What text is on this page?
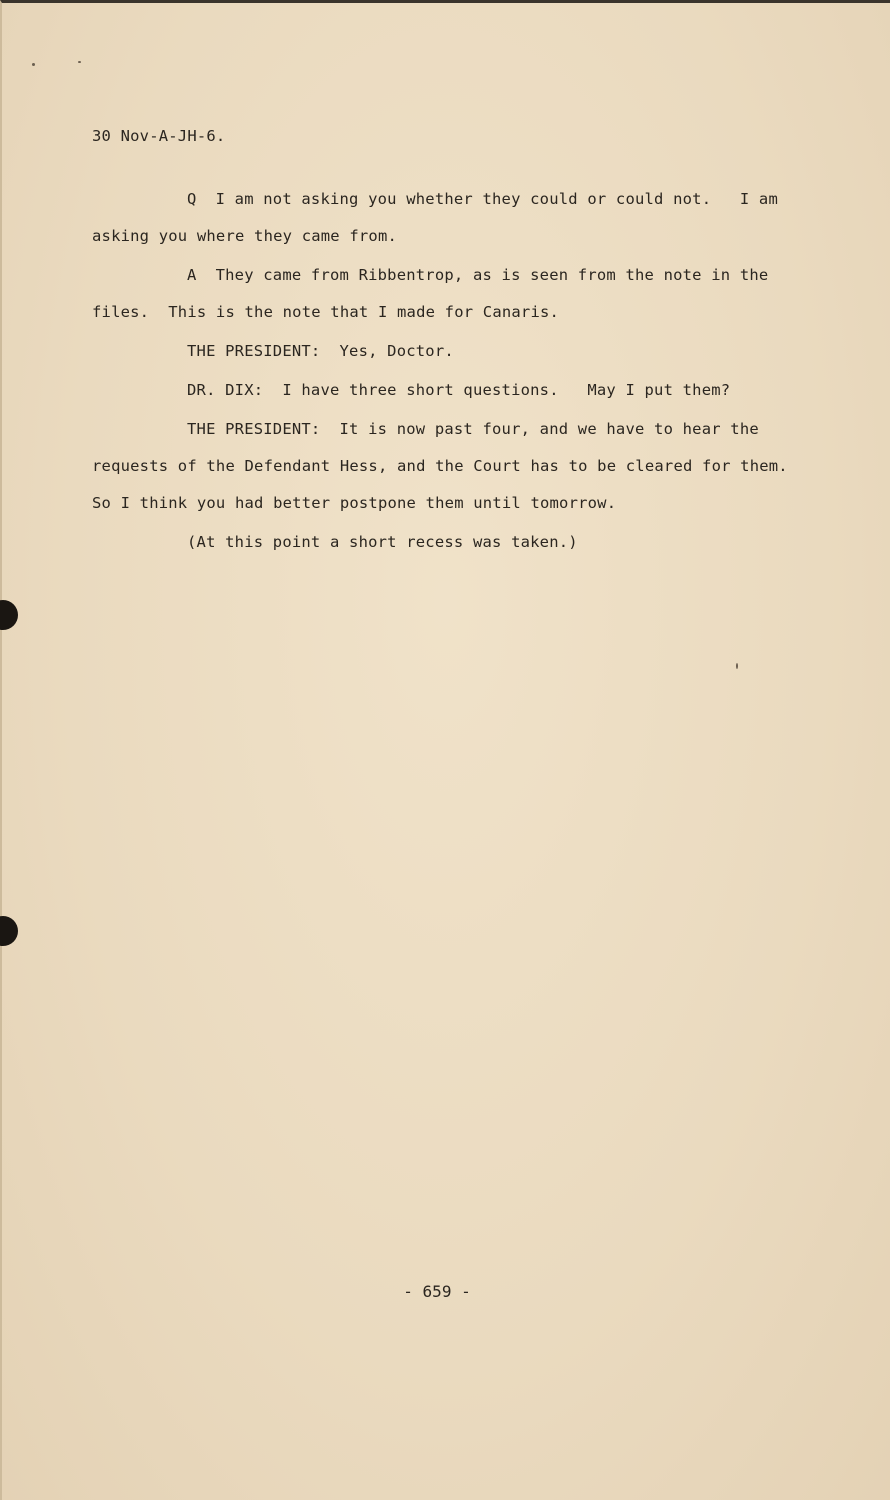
30 Nov-A-JH-6.

Q  I am not asking you whether they could or could not.   I am asking you where they came from.

A  They came from Ribbentrop, as is seen from the note in the files.  This is the note that I made for Canaris.

THE PRESIDENT:  Yes, Doctor.

DR. DIX:  I have three short questions.   May I put them?

THE PRESIDENT:  It is now past four, and we have to hear the requests of the Defendant Hess, and the Court has to be cleared for them. So I think you had better postpone them until tomorrow.

(At this point a short recess was taken.)

- 659 -
